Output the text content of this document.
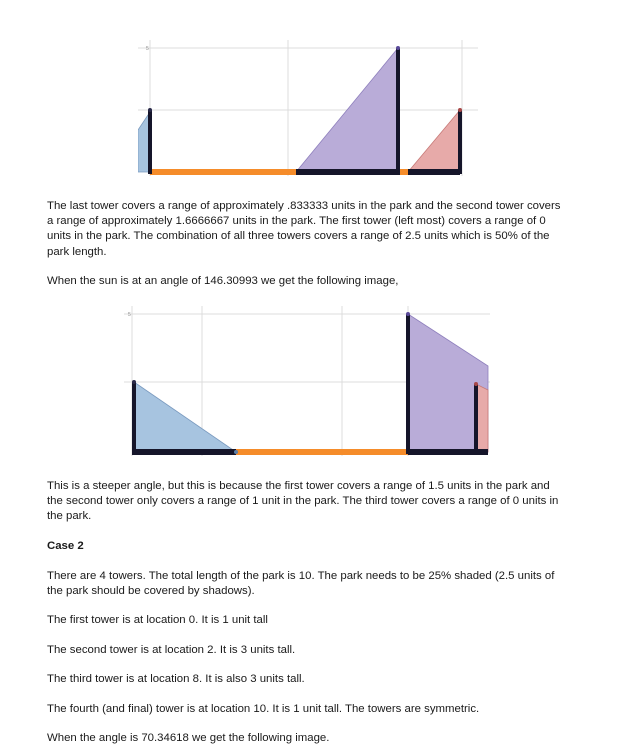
5

The last tower covers a range of approximately .833333 units in the park and the second tower covers a range of approximately 1.6666667 units in the park. The first tower (left most) covers a range of 0 units in the park. The combination of all three towers covers a range of 2.5 units which is 50% of the park length.

When the sun is at an angle of 146.30993 we get the following image,

5

This is a steeper angle, but this is because the first tower covers a range of 1.5 units in the park and the second tower only covers a range of 1 unit in the park. The third tower covers a range of 0 units in the park.

Case 2

There are 4 towers. The total length of the park is 10. The park needs to be 25% shaded (2.5 units of the park should be covered by shadows).

The first tower is at location 0. It is 1 unit tall

The second tower is at location 2. It is 3 units tall.

The third tower is at location 8. It is also 3 units tall.

The fourth (and final) tower is at location 10. It is 1 unit tall. The towers are symmetric.

When the angle is 70.34618 we get the following image.
